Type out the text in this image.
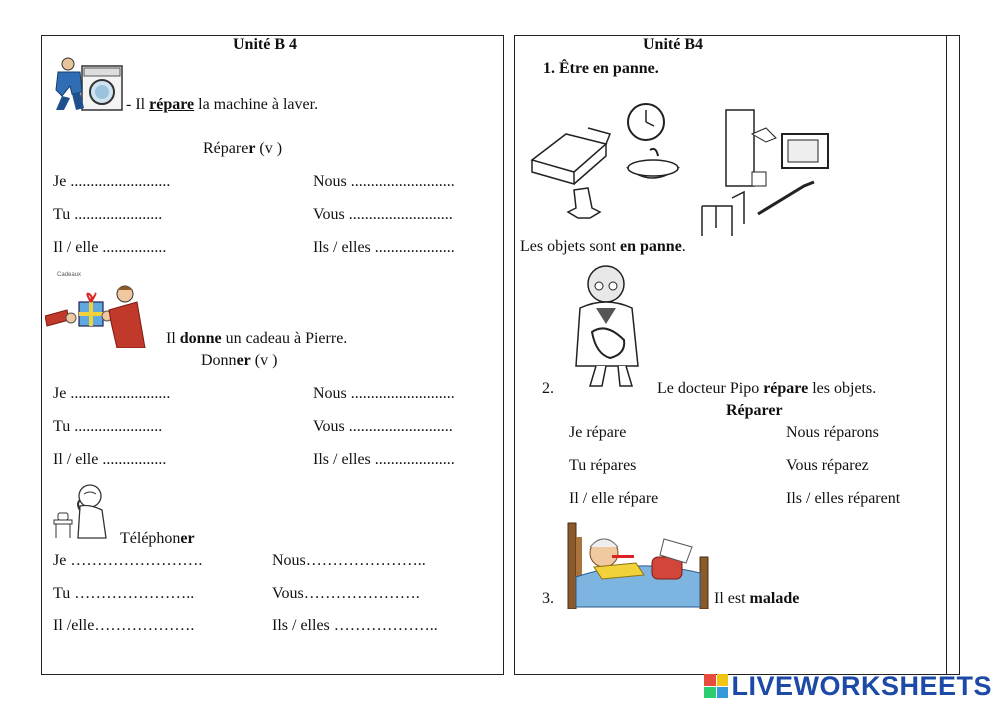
Unité B 4
- Il répare la machine à laver.
Réparer (v )
Je .........................	Nous ..........................
Tu ......................	Vous ..........................
Il / elle ................	Ils / elles ....................
Cadeaux
Il donne un cadeau à Pierre.
Donner (v )
Je .........................	Nous ..........................
Tu ......................	Vous ..........................
Il / elle ................	Ils / elles ....................
Téléphoner
Je …………………….	Nous…………………..
Tu …………………..	Vous………………….
Il /elle……………….	Ils / elles ………………..
Unité B4
1. Être en panne.
Les objets sont en panne.
2.	Le docteur Pipo répare les objets.
Réparer
Je répare	Nous réparons
Tu répares	Vous réparez
Il / elle répare	Ils / elles réparent
3.	Il est malade
LIVEWORKSHEETS
